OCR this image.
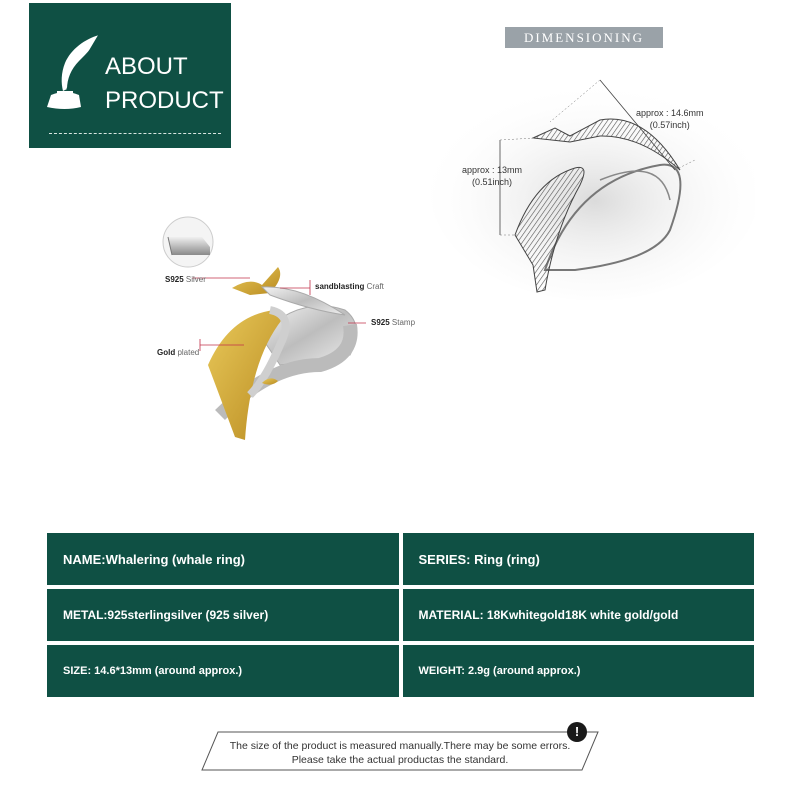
ABOUT
PRODUCT
DIMENSIONING
approx : 14.6mm
(0.57inch)
approx : 13mm
(0.51inch)
S925 Silver
sandblasting Craft
S925 Stamp
Gold plated
NAME:Whalering (whale ring)	SERIES: Ring (ring)
METAL:925sterlingsilver (925 silver)	MATERIAL: 18Kwhitegold18K white gold/gold
SIZE: 14.6*13mm (around approx.)	WEIGHT: 2.9g (around approx.)
The size of the product is measured manually.There may be some errors.
Please take the actual productas the standard.
!
